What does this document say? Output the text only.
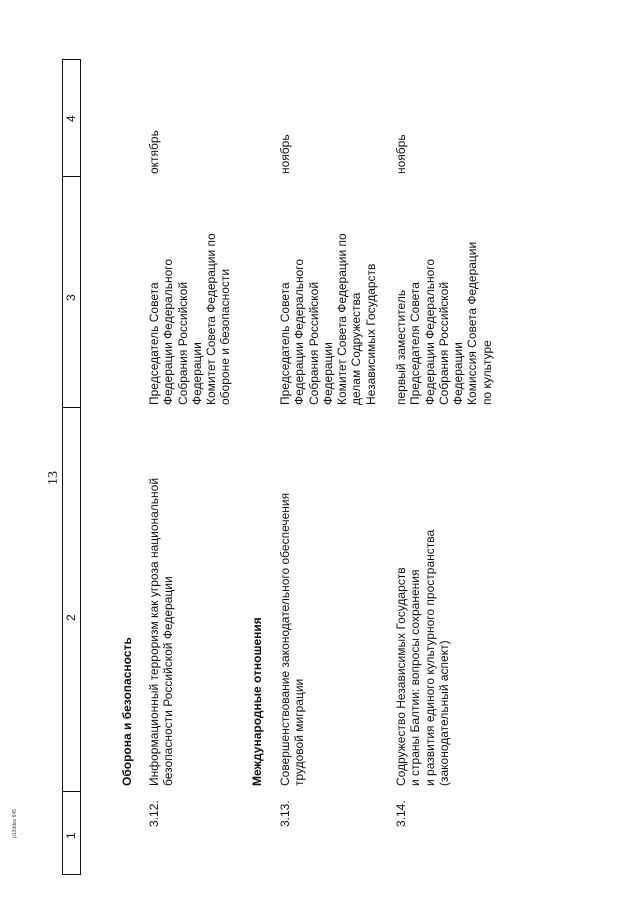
13
1
2
3
4
Оборона и безопасность
3.12.
Информационный терроризм как угроза национальной
безопасности Российской Федерации
Председатель Совета
Федерации Федерального
Собрания Российской
Федерации
Комитет Совета Федерации по
обороне и безопасности
октябрь
Международные отношения
3.13.
Совершенствование законодательного обеспечения
трудовой миграции
Председатель Совета
Федерации Федерального
Собрания Российской
Федерации
Комитет Совета Федерации по
делам Содружества
Независимых Государств
ноябрь
3.14.
Содружество Независимых Государств
и страны Балтии: вопросы сохранения
и развития единого культурного пространства
(законодательный аспект)
первый заместитель
Председателя Совета
Федерации Федерального
Собрания Российской
Федерации
Комиссия Совета Федерации
по культуре
ноябрь
p13ddoc 645
